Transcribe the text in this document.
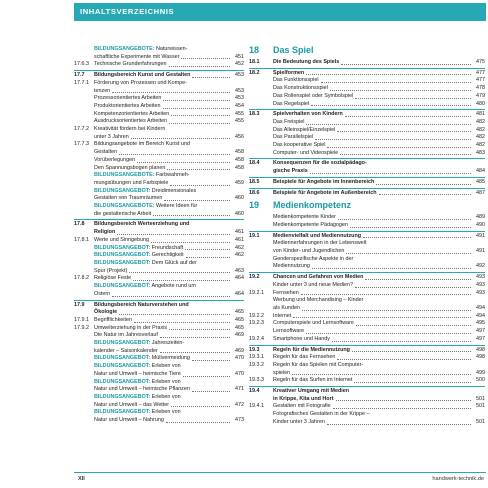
INHALTSVERZEICHNIS
BILDUNGSANGEBOTE: Naturwissen-
schaftliche Experimente mit Wasser	451
17.6.3 Technische Grunderfahrungen	452
17.7	Bildungsbereich Kunst und Gestalten	453
17.7.1 Förderung von Prozessen und Kompe-
tenzen	453
Prozessorientiertes Arbeiten	453
Produktorientiertes Arbeiten	454
Kompetenzorientiertes Arbeiten	455
Ausdrucksorientiertes Arbeiten	455
17.7.2 Kreativität fördern bei Kindern
unter 3 Jahren	456
17.7.3 Bildungsangebote im Bereich Kunst und
Gestalten	458
Vorüberlegungen	458
Den Spannungsbogen planen	458
BILDUNGSANGEBOTE: Farbwahrneh-
mungsübungen und Farbspiele	459
BILDUNGSANGEBOT: Dreidimensionales
Gestalten von Traumräumen	460
BILDUNGSANGEBOTE: Weitere Ideen für
die gestalterische Arbeit	460
17.8	Bildungsbereich Werteerziehung und
Religion	461
17.8.1 Werte und Sinngebung	461
BILDUNGSANGEBOT: Freundschaft	462
BILDUNGSANGEBOT: Gerechtigkeit	462
BILDUNGSANGEBOT: Dem Glück auf der
Spur (Projekt)	463
17.8.2 Religiöse Feste	464
BILDUNGSANGEBOT: Angebote rund um
Ostern	464
17.9	Bildungsbereich Naturverstehen und
Ökologie	465
17.9.1 Begrifflichkeiten	465
17.9.2 Umwelterziehung in der Praxis	465
Die Natur im Jahresverlauf	469
BILDUNGSANGEBOT: Jahreszeiten-
kalender – Saisonkalender	469
BILDUNGSANGEBOT: Müllvermeidung	470
BILDUNGSANGEBOT: Erleben von
Natur und Umwelt – heimische Tiere	470
BILDUNGSANGEBOT: Erleben von
Natur und Umwelt – heimische Pflanzen	471
BILDUNGSANGEBOT: Erleben von
Natur und Umwelt – das Wetter	472
BILDUNGSANGEBOT: Erleben von
Natur und Umwelt – Nahrung	473
18	Das Spiel
18.1	Die Bedeutung des Spiels	475
18.2	Spielformen	477
Das Funktionsspiel	477
Das Konstruktionsspiel	478
Das Rollenspiel oder Symbolspiel	479
Das Regelspiel	480
18.3	Spielverhalten von Kindern	481
Das Freispiel	482
Das Alleinspiel/Einzelspiel	482
Das Parallelspiel	482
Das kooperative Spiel	482
Computer- und Videospiele	483
18.4	Konsequenzen für die sozialpädago-
gische Praxis	484
18.5	Beispiele für Angebote im Innenbereich	485
18.6	Beispiele für Angebote im Außenbereich	487
19	Medienkompetenz
Medienkompetente Kinder	489
Medienkompetente Pädagogen	490
19.1	Medienvielfalt und Mediennutzung	491
Mediennerfahrungen in der Lebenswelt
von Kinder- und Jugendlichen	491
Genderspezifische Aspekte in der
Mediennutzung	492
19.2	Chancen und Gefahren von Medien	493
Kinder unter 3 und neue Medien?	493
19.2.1	Fernsehen	493
Werbung und Merchandising – Kinder
als Kunden	494
19.2.2	Internet	494
19.2.3	Computerspiele und Lernsoftware	495
Lernsoftware	497
19.2.4	Smartphone und Handy	497
19.3	Regeln für die Mediennutzung	498
19.3.1	Regeln für das Fernsehen	498
19.3.2	Regeln für das Spielen mit Computer-
spielen	499
19.3.3	Regeln für das Surfen im Internet	500
19.4	Kreativer Umgang mit Medien
in Krippe, Kita und Hort	501
19.4.1	Gestalten mit Fotografie	501
Fotografisches Gestalten in der Krippe –
Kinder unter 3 Jahren	501
XII	handwerk-technik.de
